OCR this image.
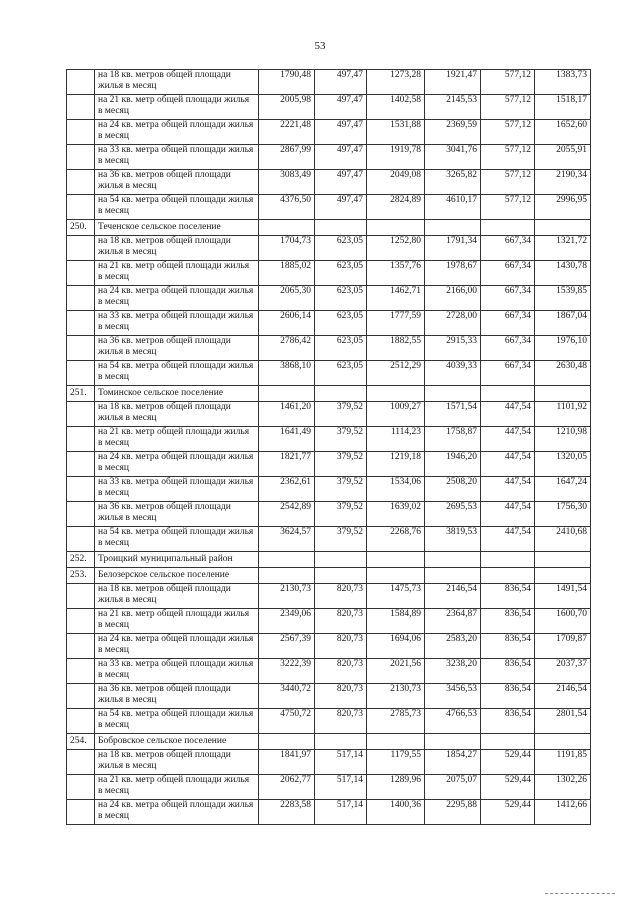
53
	на 18 кв. метров общей площади жилья в месяц	1790,48	497,47	1273,28	1921,47	577,12	1383,73
	на 21 кв. метр общей площади жилья в месяц	2005,98	497,47	1402,58	2145,53	577,12	1518,17
	на 24 кв. метра общей площади жилья в месяц	2221,48	497,47	1531,88	2369,59	577,12	1652,60
	на 33 кв. метра общей площади жилья в месяц	2867,99	497,47	1919,78	3041,76	577,12	2055,91
	на 36 кв. метров общей площади жилья в месяц	3083,49	497,47	2049,08	3265,82	577,12	2190,34
	на 54 кв. метра общей площади жилья в месяц	4376,50	497,47	2824,89	4610,17	577,12	2996,95
250.	Теченское сельское поселение						
	на 18 кв. метров общей площади жилья в месяц	1704,73	623,05	1252,80	1791,34	667,34	1321,72
	на 21 кв. метр общей площади жилья в месяц	1885,02	623,05	1357,76	1978,67	667,34	1430,78
	на 24 кв. метра общей площади жилья в месяц	2065,30	623,05	1462,71	2166,00	667,34	1539,85
	на 33 кв. метра общей площади жилья в месяц	2606,14	623,05	1777,59	2728,00	667,34	1867,04
	на 36 кв. метров общей площади жилья в месяц	2786,42	623,05	1882,55	2915,33	667,34	1976,10
	на 54 кв. метра общей площади жилья в месяц	3868,10	623,05	2512,29	4039,33	667,34	2630,48
251.	Томинское сельское поселение						
	на 18 кв. метров общей площади жилья в месяц	1461,20	379,52	1009,27	1571,54	447,54	1101,92
	на 21 кв. метр общей площади жилья в месяц	1641,49	379,52	1114,23	1758,87	447,54	1210,98
	на 24 кв. метра общей площади жилья в месяц	1821,77	379,52	1219,18	1946,20	447,54	1320,05
	на 33 кв. метра общей площади жилья в месяц	2362,61	379,52	1534,06	2508,20	447,54	1647,24
	на 36 кв. метров общей площади жилья в месяц	2542,89	379,52	1639,02	2695,53	447,54	1756,30
	на 54 кв. метра общей площади жилья в месяц	3624,57	379,52	2268,76	3819,53	447,54	2410,68
252.	Троицкий муниципальный район						
253.	Белозерское сельское поселение						
	на 18 кв. метров общей площади жилья в месяц	2130,73	820,73	1475,73	2146,54	836,54	1491,54
	на 21 кв. метр общей площади жилья в месяц	2349,06	820,73	1584,89	2364,87	836,54	1600,70
	на 24 кв. метра общей площади жилья в месяц	2567,39	820,73	1694,06	2583,20	836,54	1709,87
	на 33 кв. метра общей площади жилья в месяц	3222,39	820,73	2021,56	3238,20	836,54	2037,37
	на 36 кв. метров общей площади жилья в месяц	3440,72	820,73	2130,73	3456,53	836,54	2146,54
	на 54 кв. метра общей площади жилья в месяц	4750,72	820,73	2785,73	4766,53	836,54	2801,54
254.	Бобровское сельское поселение						
	на 18 кв. метров общей площади жилья в месяц	1841,97	517,14	1179,55	1854,27	529,44	1191,85
	на 21 кв. метр общей площади жилья в месяц	2062,77	517,14	1289,96	2075,07	529,44	1302,26
	на 24 кв. метра общей площади жилья в месяц	2283,58	517,14	1400,36	2295,88	529,44	1412,66
